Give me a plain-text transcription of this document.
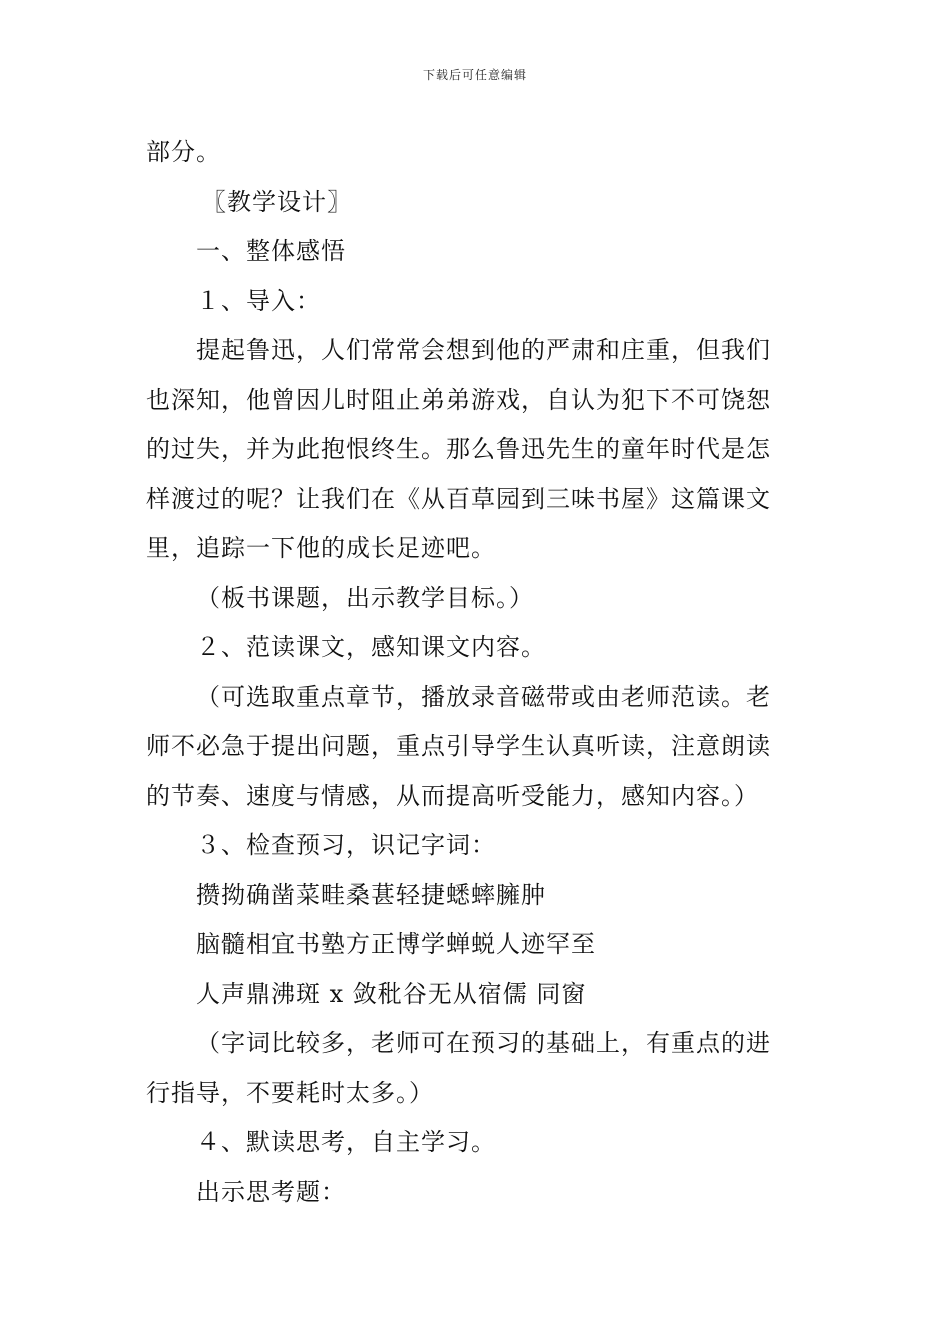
下载后可任意编辑
部分。
〖教学设计〗
一、整体感悟
１、导入：
提起鲁迅，人们常常会想到他的严肃和庄重，但我们
也深知，他曾因儿时阻止弟弟游戏，自认为犯下不可饶恕
的过失，并为此抱恨终生。那么鲁迅先生的童年时代是怎
样渡过的呢？让我们在《从百草园到三味书屋》这篇课文
里，追踪一下他的成长足迹吧。
（板书课题，出示教学目标。）
２、范读课文，感知课文内容。
（可选取重点章节，播放录音磁带或由老师范读。老
师不必急于提出问题，重点引导学生认真听读，注意朗读
的节奏、速度与情感，从而提高听受能力，感知内容。）
３、检查预习，识记字词：
攒拗确凿菜畦桑葚轻捷蟋蟀臃肿
脑髓相宜书塾方正博学蝉蜕人迹罕至
人声鼎沸斑 x 敛秕谷无从宿儒 同窗
（字词比较多，老师可在预习的基础上，有重点的进
行指导，不要耗时太多。）
４、默读思考，自主学习。
出示思考题：
